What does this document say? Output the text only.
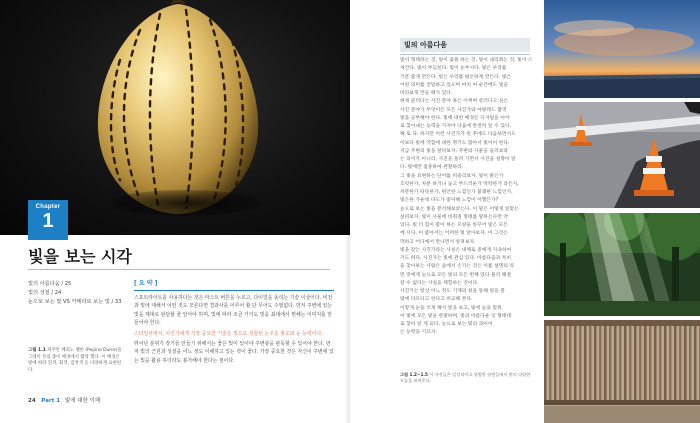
Chapter
1
빛을 보는 시각
빛의 아름다움 / 25
빛의 성질 / 24
눈으로 보는 빛 VS 카메라로 보는 빛 / 33
그림 1.1 파푸안 페피노 멜론 (Pepino Dulce)을 그레이 톤의 종이 배경에서 촬영 했다. 이 배경은 빛에 따라 흰색, 회색, 검정색 등 다양하게 표현된다.
[ 요 약 ]

스포트라이트를 사용하다는 것은 마스트 버튼을 누르고, 다이얼을 돌리는 기술 이상이다. 비전과 빛에 대해서 어떤 것도 모른다면 결과사를 이루어 할 단 무어도 수필없다. 먼저 주변에 있는 빛을 제대로 판단할 줄 알아야 하며, 빛에 따라 조금 기가도 빛을 최대에서 뭔해는 이미지를 만들어야 한다.

스타일러에서, 사진가에게 가장 중요한 기술은 빛으로 성찰된 논조를 찾도와 눈 능력이다.

뛰어난 분위기 장기들 만들기 위해서는 좋은 빛이 있어야 주변광을 판독할 수 있어야 한다. 먼저 빛의 근원과 성질을 어느 정도 이해하고 있는 것이 좋다. 가장 중요한 것은 자신이 주변에 있는 빛을 활용 하더라도 봉가해야 한다는 점이다.

24 Part 1 빛에 대한 이해
빛의 아름다움
빛이 형태하는 것, 빛이 출몰 하는 것, 빛이 내리쬐는 것, 빛이 스
쳐간다. 빛이 부딪친다. 빛이 눈부시다. 빛은 우리를
기분 좋게 만든다. 빛은 우리를 평온하게 만든다. 빛은
어떤 의미를 전달하고 있으며 마치 여 순간에도 빛을
바라보게 만들 때가 있다.
현재 콜러다는 사진 분야 혹은 어쩌며 콜러다고 싶은
사진 분야가 무엇이든 모든 사진가와 아방레드 촬영
빛을 공부해야 한다. 빛에 대한 배경은 디지털을 이야
로 찾아내는 능력을 가져야 다움에 완전히 알 수 있다.
해 로 다. 하지만 이런 사진가가 된 후에도 다음하면서도
이보다 빛에 역할에 대한 명기도 많아서 빛이어 된다.
지금 주변의 빛을 살펴보자. 주변의 사물을 둘러보라
는 의미가 아니라, 사진을 돌려 가면서 사진을 설명이 알
다. 빛에만 집중하여 관찰하라.
그 빛을 표현하는 단어를 떠올리보자. 빛이 밝은가
흐릿한가, 차분 하거나 높고 부드러운가 딱딱한가 라든지,
차분한가 따뜻한가, 편안한 느낌인가 불쾌한 느낌인가,
빛은한 가운데 다도가 좋아해 느낌이 어쨌든가?
눈으로 보는 빛을 분석해보았는다. 이 말은 어떻게 알맞는
살펴보자. 빛이 사물에 비춰질 형태를 말하는다면 약
있다. 빛 더 힘이 좋아 하는 모양을 바꾸어 빛은 모든
에 서다. 이 좋아서는 어떠한 빛 알아보자. 이 그것은
막하고 어디에서 만나면서 살펴보자.
빛을 갖는 사진가라는 사실은 대체로 중에게 지속하여
기도 하다. 사진가는 빛에 관심 있다. 아름다움과 특히
을 찾아보는 사람은 숲에서 손가는 것은 이를 설명의 라
먼 중에게 눈으로 모든 빛의 모든 번째 있다 물리 해결
갈 수 없다는 사실을 체험하는 것이다.
사진가는 항상 어느 정도 기계의 창을 통해 빛을 볼
밖에 다르다고 한다고 비교해 본다.
이렇게 눈을 쓰게 해서 빛을 보고, 빛에 늘을 맞춰
이 빛에 모든 빛을 관찰하며, 빛의 아름다운 잉 형태대
로 찾아 알 게 되다. 눈으로 보는 빛의 과이어
는 능력을 기르자.
그림 1.2~1.5 이 사진들은 일상적이고 평범한 장면들에서 빛의 다양한 모습을 보여준다.
